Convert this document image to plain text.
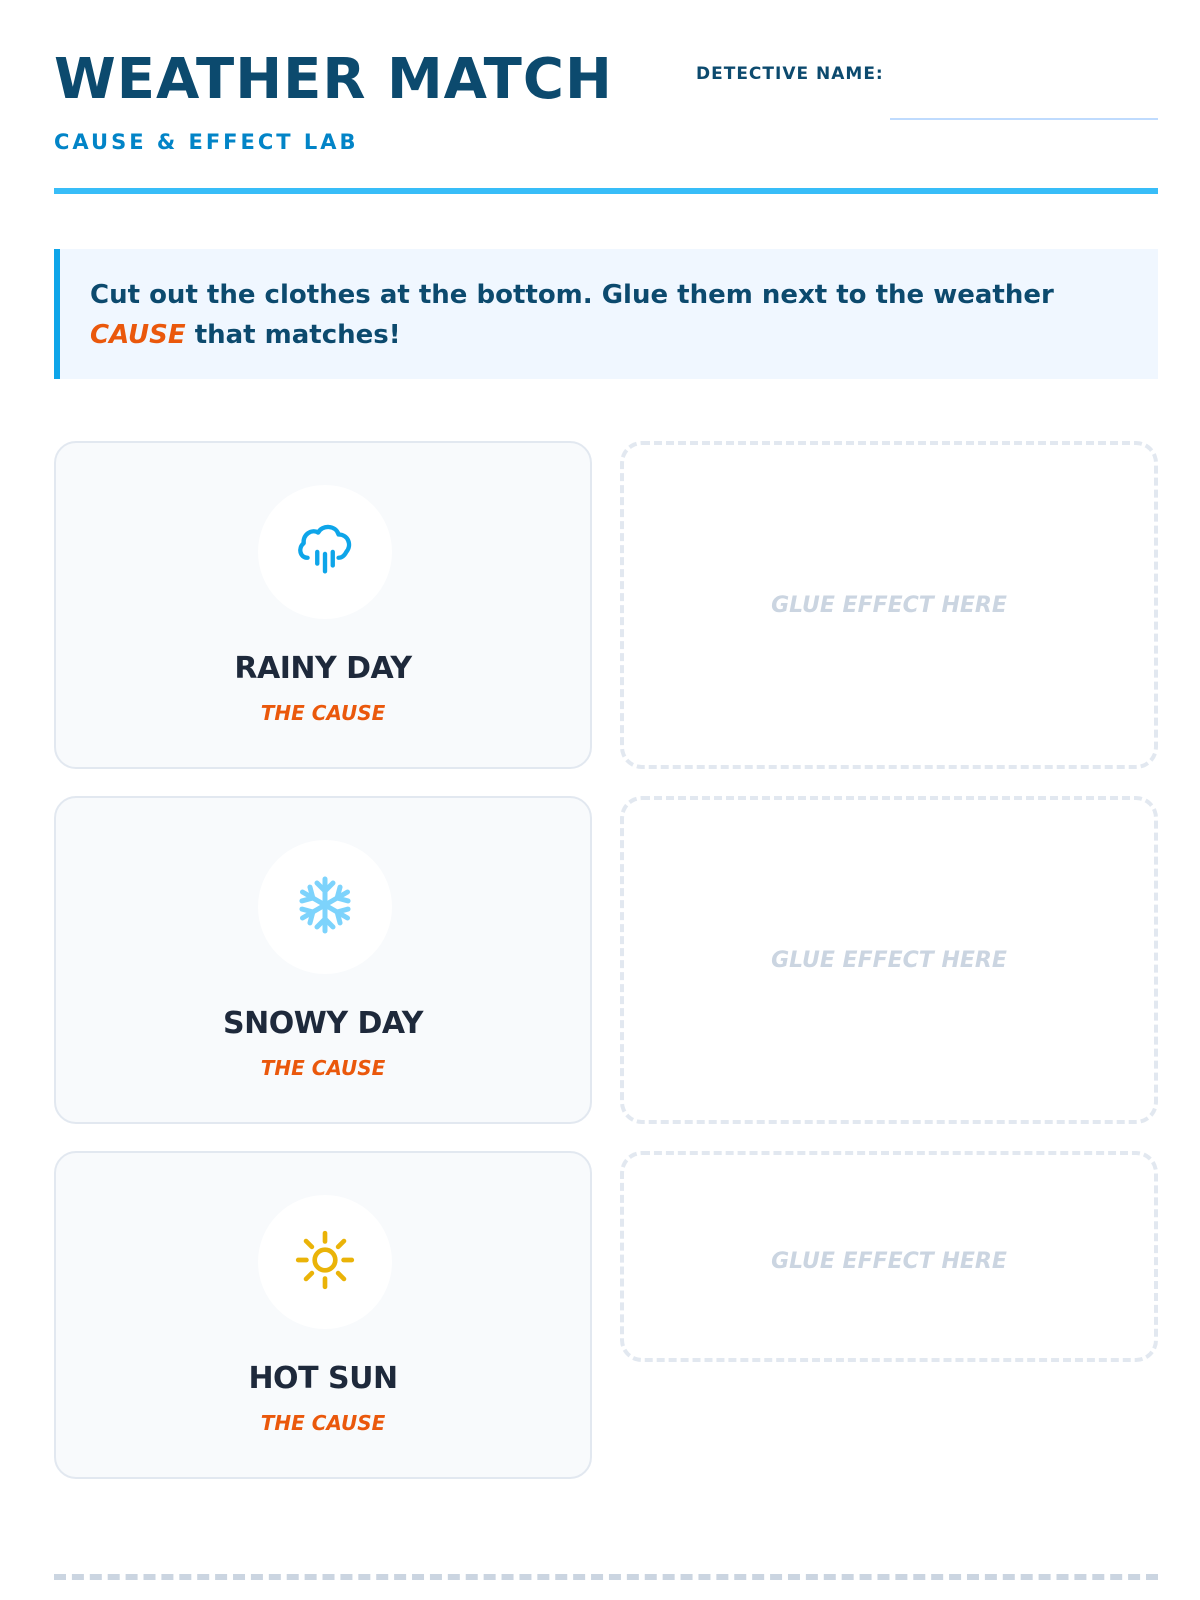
WEATHER MATCH
CAUSE & EFFECT LAB
DETECTIVE NAME:
Cut out the clothes at the bottom. Glue them next to the weather CAUSE that matches!
RAINY DAY
THE CAUSE
SNOWY DAY
THE CAUSE
HOT SUN
THE CAUSE
GLUE EFFECT HERE
GLUE EFFECT HERE
GLUE EFFECT HERE
